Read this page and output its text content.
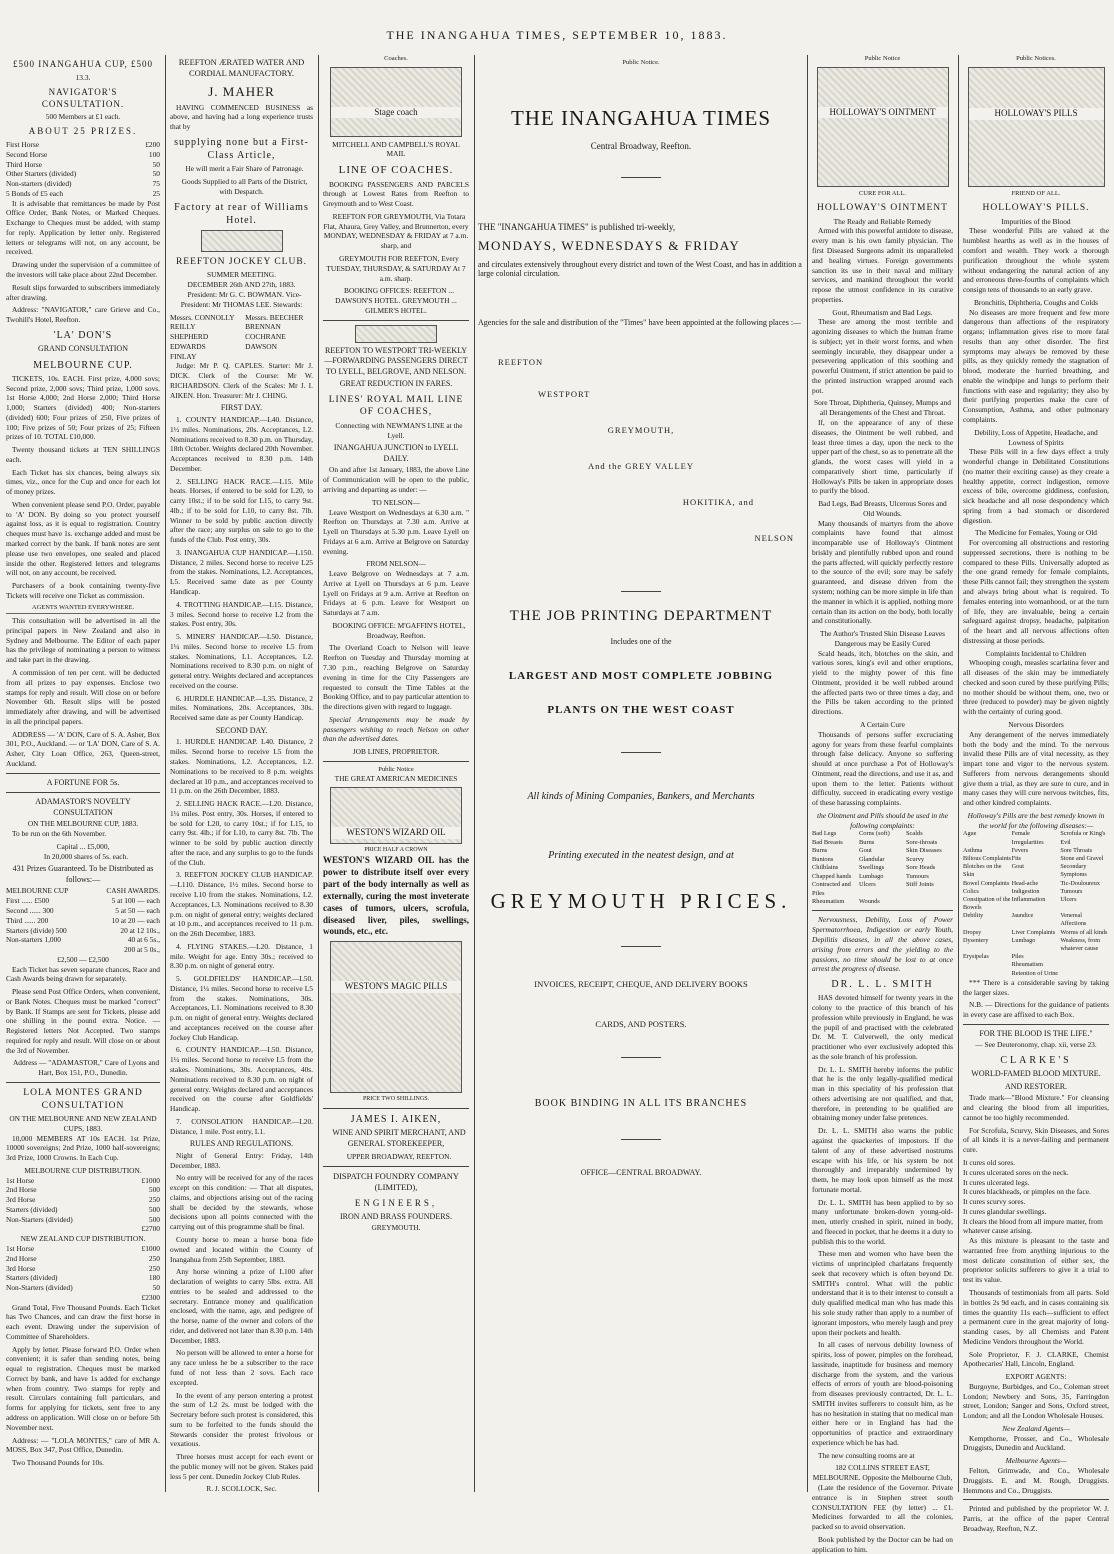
THE INANGAHUA TIMES, SEPTEMBER 10, 1883.
£500 INANGAHUA CUP, £500
13.3.
NAVIGATOR'S CONSULTATION.
500 Members at £1 each.
ABOUT 25 PRIZES.
First Horse	£200
Second Horse	100
Third Horse	50
Other Starters (divided)	50
Non-starters (divided)	75
5 Bonds of £5 each	25

It is advisable that remittances be made by Post Office Order, Bank Notes, or Marked Cheques. Exchange to Cheques must be added, with stamp for reply. Application by letter only. Registered letters or telegrams will not, on any account, be received.

Drawing under the supervision of a committee of the investors will take place about 22nd December.

Result slips forwarded to subscribers immediately after drawing.

Address: "NAVIGATOR," care Grieve and Co., Twohill's Hotel, Reefton.

'LA' DON'S
GRAND CONSULTATION
MELBOURNE CUP.

TICKETS, 10s. EACH. First prize, 4,000 sovs; Second prize, 2,000 sovs; Third prize, 1,000 sovs. 1st Horse 4,000; 2nd Horse 2,000; Third Horse 1,000; Starters (divided) 400; Non-starters (divided) 600; Four prizes of 250, Five prizes of 100; Five prizes of 50; Four prizes of 25; Fifteen prizes of 10. TOTAL £10,000.

Twenty thousand tickets at TEN SHILLINGS each.

Each Ticket has six chances, being always six times, viz., once for the Cup and once for each lot of money prizes.

When convenient please send P.O. Order, payable to 'A' DON. By doing so you protect yourself against loss, as it is equal to registration. Country cheques must have 1s. exchange added and must be marked correct by the bank. If bank notes are sent please use two envelopes, one sealed and placed inside the other. Registered letters and telegrams will not, on any account, be received.

Purchasers of a book containing twenty-five Tickets will receive one Ticket as commission.

AGENTS WANTED EVERYWHERE.

This consultation will be advertised in all the principal papers in New Zealand and also in Sydney and Melbourne. The Editor of each paper has the privilege of nominating a person to witness and take part in the drawing.

A commission of ten per cent. will be deducted from all prizes to pay expenses. Enclose two stamps for reply and result. Will close on or before November 6th. Result slips will be posted immediately after drawing, and will be advertised in all the principal papers.

ADDRESS — 'A' DON, Care of S. A. Asher, Box 301, P.O., Auckland. — or 'LA' DON, Care of S. A. Asher, City Loan Office, 263, Queen-street, Auckland.

A FORTUNE FOR 5s.
ADAMASTOR'S NOVELTY CONSULTATION
ON THE MELBOURNE CUP, 1883.

To be run on the 6th November.

Capital ... £5,000,

In 20,000 shares of 5s. each.

431 Prizes Guaranteed. To be Distributed as follows:—
MELBOURNE CUP	CASH AWARDS.
First ...... £500	5 at 100 — each
Second ...... 300	5 at 50 — each
Third ...... 200	10 at 20 — each
Starters (divide) 500	20 at 12 10s.,
Non-starters 1,000	40 at 6 5s.,
	200 at 5 0s.,
£2,500 — £2,500

Each Ticket has seven separate chances, Race and Cash Awards being drawn for separately.

Please send Post Office Orders, when convenient, or Bank Notes. Cheques must be marked "correct" by Bank. If Stamps are sent for Tickets, please add one shilling in the pound extra. Notice. — Registered letters Not Accepted. Two stamps required for reply and result. Will close on or about the 3rd of November.

Address — "ADAMASTOR," Care of Lyons and Hart, Box 151, P.O., Dunedin.

LOLA MONTES GRAND CONSULTATION
ON THE MELBOURNE AND NEW ZEALAND CUPS, 1883.

10,000 MEMBERS AT 10s EACH. 1st Prize, 10000 sovereigns; 2nd Prize, 1000 half-sovereigns; 3rd Prize, 1000 Crowns. In Each Cup.

MELBOURNE CUP DISTRIBUTION.
1st Horse	£1000
2nd Horse	500
3rd Horse	250
Starters (divided)	500
Non-Starters (divided)	500
	£2700
NEW ZEALAND CUP DISTRIBUTION.
1st Horse	£1000
2nd Horse	250
3rd Horse	250
Starters (divided)	180
Non-Starters (divided)	50
	£2300

Grand Total, Five Thousand Pounds. Each Ticket has Two Chances, and can draw the first horse in each event. Drawing under the supervision of Committee of Shareholders.

Apply by letter. Please forward P.O. Order when convenient; it is safer than sending notes, being equal to registration. Cheques must be marked Correct by bank, and have 1s added for exchange when from country. Two stamps for reply and result. Circulars containing full particulars, and forms for applying for tickets, sent free to any address on application. Will close on or before 5th November next.

Address: — "LOLA MONTES," care of MR A. MOSS, Box 347, Post Office, Dunedin.

Two Thousand Pounds for 10s.

REEFTON ÆRATED WATER AND CORDIAL MANUFACTORY.
J. MAHER

HAVING COMMENCED BUSINESS as above, and having had a long experience trusts that by

supplying none but a First-Class Article,

He will merit a Fair Share of Patronage.

Goods Supplied to all Parts of the District, with Despatch.

Factory at rear of Williams Hotel.
REEFTON JOCKEY CLUB.
SUMMER MEETING.
DECEMBER 26th AND 27th, 1883.

President: Mr G. C. BOWMAN. Vice-President: Mr THOMAS LEE. Stewards:

Messrs. CONNOLLY	Messrs. BEECHER
REILLY	BRENNAN
SHEPHERD	COCHRANE
EDWARDS	DAWSON
FINLAY	

Judge: Mr P. Q. CAPLES. Starter: Mr J. DICK. Clerk of the Course: Mr W. RICHARDSON. Clerk of the Scales: Mr J. I. AIKEN. Hon. Treasurer: Mr J. CHING.

FIRST DAY.

1. COUNTY HANDICAP.—L40. Distance, 1½ miles. Nominations, 20s. Acceptances, L2. Nominations received to 8.30 p.m. on Thursday, 18th October. Weights declared 20th November. Acceptances received to 8.30 p.m. 14th December.

2. SELLING HACK RACE.—L15. Mile heats. Horses, if entered to be sold for L20, to carry 10st.; if to be sold for L15, to carry 9st. 4lb.; if to be sold for L10, to carry 8st. 7lb. Winner to be sold by public auction directly after the race; any surplus on sale to go to the funds of the Club. Post entry, 30s.

3. INANGAHUA CUP HANDICAP.—L150. Distance, 2 miles. Second horse to receive L25 from the stakes. Nominations, L2. Acceptances, L5. Received same date as per County Handicap.

4. TROTTING HANDICAP.—L15. Distance, 3 miles. Second horse to receive L2 from the stakes. Post entry, 30s.

5. MINERS' HANDICAP.—L50. Distance, 1¼ miles. Second horse to receive L5 from stakes. Nominations, L1. Acceptances, L2. Nominations received to 8.30 p.m. on night of general entry. Weights declared and acceptances received on the course.

6. HURDLE HANDICAP.—L35. Distance, 2 miles. Nominations, 20s. Acceptances, 30s. Received same date as per County Handicap.

SECOND DAY.

1. HURDLE HANDICAP. L40. Distance, 2 miles. Second horse to receive L5 from the stakes. Nominations, L2. Acceptances, L2. Nominations to be received to 8 p.m. weights declared at 10 p.m., and acceptances received to 11 p.m. on the 26th December, 1883.

2. SELLING HACK RACE.—L20. Distance, 1¼ miles. Post entry, 30s. Horses, if entered to be sold for L20, to carry 10st.; if for L15, to carry 9st. 4lb.; if for L10, to carry 8st. 7lb. The winner to be sold by public auction directly after the race, and any surplus to go to the funds of the Club.

3. REEFTON JOCKEY CLUB HANDICAP.—L110. Distance, 1½ miles. Second horse to receive L10 from the stakes. Nominations, L2. Acceptances, L3. Nominations received to 8.30 p.m. on night of general entry; weights declared at 10 p.m., and acceptances received to 11 p.m. on the 26th December, 1883.

4. FLYING STAKES.—L20. Distance, 1 mile. Weight for age. Entry 30s.; received to 8.30 p.m. on night of general entry.

5. GOLDFIELDS' HANDICAP.—L50. Distance, 1¼ miles. Second horse to receive L5 from the stakes. Nominations, 30s. Acceptances, L1. Nominations received to 8.30 p.m. on night of general entry. Weights declared and acceptances received on the course after Jockey Club Handicap.

6. COUNTY HANDICAP.—L50. Distance, 1¼ miles. Second horse to receive L5 from the stakes. Nominations, 30s. Acceptances, 40s. Nominations received to 8.30 p.m. on night of general entry. Weights declared and acceptances received on the course after Goldfields' Handicap.

7. CONSOLATION HANDICAP.—L20. Distance, 1 mile. Post entry, L1.

RULES AND REGULATIONS.

Night of General Entry: Friday, 14th December, 1883.

No entry will be received for any of the races except on this condition: — That all disputes, claims, and objections arising out of the racing shall be decided by the stewards, whose decisions upon all points connected with the carrying out of this programme shall be final.

County horse to mean a horse bona fide owned and located within the County of Inangahua from 25th September, 1883.

Any horse winning a prize of L100 after declaration of weights to carry 5lbs. extra. All entries to be sealed and addressed to the secretary. Entrance money and qualification enclosed, with the name, age, and pedigree of the horse, name of the owner and colors of the rider, and delivered not later than 8.30 p.m. 14th December, 1883.

No person will be allowed to enter a horse for any race unless he be a subscriber to the race fund of not less than 2 sovs. Each race excepted.

In the event of any person entering a protest the sum of L2 2s. must be lodged with the Secretary before such protest is considered, this sum to be forfeited to the funds should the Stewards consider the protest frivolous or vexatious.

Three horses must accept for each event or the public money will not be given. Stakes paid less 5 per cent. Dunedin Jockey Club Rules.

R. J. SCOLLOCK, Sec.
Coaches.
Stage coach
MITCHELL AND CAMPBELL'S ROYAL MAIL
LINE OF COACHES.

BOOKING PASSENGERS AND PARCELS through at Lowest Rates from Reefton to Greymouth and to West Coast.

REEFTON FOR GREYMOUTH, Via Totara Flat, Ahaura, Grey Valley, and Brunnerton, every MONDAY, WEDNESDAY & FRIDAY at 7 a.m. sharp, and

GREYMOUTH FOR REEFTON, Every TUESDAY, THURSDAY, & SATURDAY At 7 a.m. sharp.

BOOKING OFFICES: REEFTON ... DAWSON'S HOTEL. GREYMOUTH ... GILMER'S HOTEL.

REEFTON TO WESTPORT TRI-WEEKLY—FORWARDING PASSENGERS DIRECT TO LYELL, BELGROVE, AND NELSON.
GREAT REDUCTION IN FARES.
LINES' ROYAL MAIL LINE OF COACHES,

Connecting with NEWMAN'S LINE at the Lyell.

INANGAHUA JUNCTION to LYELL DAILY.

On and after 1st January, 1883, the above Line of Communication will be open to the public, arriving and departing as under: —

TO NELSON—

Leave Westport on Wednesdays at 6.30 a.m. " Reefton on Thursdays at 7.30 a.m. Arrive at Lyell on Thursdays at 5.30 p.m. Leave Lyell on Fridays at 6 a.m. Arrive at Belgrove on Saturday evening.

FROM NELSON—

Leave Belgrove on Wednesdays at 7 a.m. Arrive at Lyell on Thursdays at 6 p.m. Leave Lyell on Fridays at 9 a.m. Arrive at Reefton on Fridays at 6 p.m. Leave for Westport on Saturdays at 7 a.m.

BOOKING OFFICE: M'GAFFIN'S HOTEL, Broadway, Reefton.

The Overland Coach to Nelson will leave Reefton on Tuesday and Thursday morning at 7.30 p.m., reaching Belgrove on Saturday evening in time for the City Passengers are requested to consult the Time Tables at the Booking Office, and to pay particular attention to the directions given with regard to luggage.

Special Arrangements may be made by passengers wishing to reach Nelson on other than the advertised dates.

JOB LINES, PROPRIETOR.
Public Notice
THE GREAT AMERICAN MEDICINES
WESTON'S WIZARD OIL
PRICE HALF A CROWN

WESTON'S WIZARD OIL has the power to distribute itself over every part of the body internally as well as externally, curing the most inveterate cases of tumors, ulcers, scrofula, diseased liver, piles, swellings, wounds, etc., etc.

WESTON'S MAGIC PILLS
PRICE TWO SHILLINGS.
JAMES I. AIKEN,

WINE AND SPIRIT MERCHANT, AND GENERAL STOREKEEPER,

UPPER BROADWAY, REEFTON.

DISPATCH FOUNDRY COMPANY (LIMITED),
ENGINEERS,
IRON AND BRASS FOUNDERS.
GREYMOUTH.
Public Notice.
THE INANGAHUA TIMES
Central Broadway, Reefton.
THE "INANGAHUA TIMES" is published tri-weekly,
MONDAYS, WEDNESDAYS & FRIDAY
and circulates extensively throughout every district and town of the West Coast, and has in addition a large colonial circulation.
Agencies for the sale and distribution of the "Times" have been appointed at the following places :—
REEFTON
WESTPORT
GREYMOUTH,
And the GREY VALLEY
HOKITIKA, and
NELSON
THE JOB PRINTING DEPARTMENT
Includes one of the
LARGEST AND MOST COMPLETE JOBBING
PLANTS ON THE WEST COAST
All kinds of Mining Companies, Bankers, and Merchants
Printing executed in the neatest design, and at
GREYMOUTH PRICES.
INVOICES, RECEIPT, CHEQUE, AND DELIVERY BOOKS
CARDS, AND POSTERS.
BOOK BINDING IN ALL ITS BRANCHES
OFFICE—CENTRAL BROADWAY.
Public Notice
HOLLOWAY'S OINTMENT
CURE FOR ALL.
HOLLOWAY'S OINTMENT
The Ready and Reliable Remedy

Armed with this powerful antidote to disease, every man is his own family physician. The first Diseased Surgeons admit its unparalleled and healing virtues. Foreign governments sanction its use in their naval and military services, and mankind throughout the world repose the utmost confidence in its curative properties.

Gout, Rheumatism and Bad Legs.

These are among the most terrible and agonizing diseases to which the human frame is subject; yet in their worst forms, and when seemingly incurable, they disappear under a persevering application of this soothing and powerful Ointment, if strict attention be paid to the printed instruction wrapped around each pot.

Sore Throat, Diphtheria, Quinsey, Mumps and all Derangements of the Chest and Throat.

If, on the appearance of any of these diseases, the Ointment be well rubbed, and least three times a day, upon the neck to the upper part of the chest, so as to penetrate all the glands, the worst cases will yield in a comparatively short time, particularly if Holloway's Pills be taken in appropriate doses to purify the blood.

Bad Legs, Bad Breasts, Ulcerous Sores and Old Wounds.

Many thousands of martyrs from the above complaints have found that almost incomparable use of Holloway's Ointment briskly and plentifully rubbed upon and round the parts affected, will quickly perfectly restore to the source of the evil; sore may be safely guaranteed, and disease driven from the system; nothing can be more simple in life than the manner in which it is applied, nothing more certain than its action on the body, both locally and constitutionally.

The Author's Trusted Skin Disease Leaves Dangerous may be Easily Cured

Scald heads, itch, blotches on the skin, and various sores, king's evil and other eruptions, yield to the mighty power of this fine Ointment, provided it be well rubbed around the affected parts two or three times a day, and the Pills be taken according to the printed directions.

A Certain Cure

Thousands of persons suffer excruciating agony for years from these fearful complaints through false delicacy. Anyone so suffering should at once purchase a Pot of Holloway's Ointment, read the directions, and use it as, and upon them to the letter. Patients without difficulty, succeed in eradicating every vestige of these harassing complaints.

the Ointment and Pills should be used in the following complaints:
Bad Legs	Corns (soft)	Scalds
Bad Breasts	Burns	Sore-throats
Burns	Gout	Skin Diseases
Bunions	Glandular	Scurvy
Chilblains	Swellings	Sore Heads
Chapped hands	Lumbago	Tumours
Contracted and Piles
Ulcers	Stiff Joints
Rheumatism	Wounds

Nervousness, Debility, Loss of Power Spermatorrhoea, Indigestion or early Youth, Depilitis diseases, in all the above cases, arising from errors and the yielding to the passions, no time should be lost to at once arrest the progress of disease.

DR. L. L. SMITH

HAS devoted himself for twenty years in the colony to the practice of this branch of his profession while previously in England, he was the pupil of and practised with the celebrated Dr. M. T. Culverwell, the only medical practitioner who ever exclusively adopted this as the sole branch of his profession.

Dr. L. L. SMITH hereby informs the public that he is the only legally-qualified medical man in this speciality of his profession that others advertising are not qualified, and that, therefore, in pretending to be qualified are obtaining money under false pretences.

Dr. L. L. SMITH also warns the public against the quackeries of impostors. If the talent of any of these advertised nostrums escape with his life, or his system be not thoroughly and irreparably undermined by them, he may look upon himself as the most fortunate mortal.

Dr. L. L. SMITH has been applied to by so many unfortunate broken-down young-old-men, utterly crushed in spirit, ruined in body, and fleeced in pocket, that he deems it a duty to publish this to the world.

These men and women who have been the victims of unprincipled charlatans frequently seek that recovery which is often beyond Dr. SMITH's control. What will the public understand that it is to their interest to consult a duly qualified medical man who has made this his sole study rather than apply to a number of ignorant impostors, who merely laugh and prey upon their pockets and health.

In all cases of nervous debility lowness of spirits, loss of power, pimples on the forehead, lassitude, inaptitude for business and memory discharge from the system, and the various effects of errors of youth are blood-poisoning from diseases previously contracted, Dr. L. L. SMITH invites sufferers to consult him, as he has no hesitation in stating that no medical man either here or in England has had the opportunities of practice and extraordinary experience which he has had.

The new consulting rooms are at

182 COLLINS STREET EAST, MELBOURNE. Opposite the Melbourne Club,

(Late the residence of the Governor. Private entrance is in Stephen street south CONSULTATION FEE (by letter) ... £1. Medicines forwarded to all the colonies, packed so to avoid observation.

Book published by the Doctor can be had on application to him.

Public Notices.
HOLLOWAY'S PILLS
FRIEND OF ALL.
HOLLOWAY'S PILLS.
Impurities of the Blood

These wonderful Pills are valued at the humblest hearths as well as in the houses of comfort and wealth. They work a thorough purification throughout the whole system without endangering the natural action of any and erroneous three-fourths of complaints which consign tens of thousands to an early grave.

Bronchitis, Diphtheria, Coughs and Colds

No diseases are more frequent and few more dangerous than affections of the respiratory organs; inflammation gives rise to more fatal results than any other disorder. The first symptoms may always be removed by these pills, as they quickly remedy the stagnation of blood, moderate the hurried breathing, and enable the windpipe and lungs to perform their functions with ease and regularity; they also by their purifying properties make the cure of Consumption, Asthma, and other pulmonary complaints.

Debility, Loss of Appetite, Headache, and Lowness of Spirits

These Pills will in a few days effect a truly wonderful change in Debilitated Constitutions (no matter their exciting cause) as they create a healthy appetite, correct indigestion, remove excess of bile, overcome giddiness, confusion, sick headache and all nose despondency which spring from a bad stomach or disordered digestion.

The Medicine for Females, Young or Old

For overcoming all obstructions and restoring suppressed secretions, there is nothing to be compared to these Pills. Universally adopted as the one grand remedy for female complaints, these Pills cannot fail; they strengthen the system and always bring about what is required. To females entering into womanhood, or at the turn of life, they are invaluable, being a certain safeguard against dropsy, headache, palpitation of the heart and all nervous affections often distressing at those periods.

Complaints Incidental to Children

Whooping cough, measles scarlatina fever and all diseases of the skin may be immediately checked and soon cured by these purifying Pills; no mother should be without them, one, two or three (reduced to powder) may be given nightly with the certainty of curing good.

Nervous Disorders

Any derangement of the nerves immediately both the body and the mind. To the nervous invalid these Pills are of vital necessity, as they impart tone and vigor to the nervous system. Sufferers from nervous derangements should give them a trial, as they are sure to cure, and in many cases they will cure nervous twitches, fits, and other kindred complaints.

Holloway's Pills are the best remedy known in the world for the following diseases:—
Ague	Female Irregularities
Scrofula or King's Evil
Asthma	Fevers	Sore Throats
Bilious Complaints Fits	Stone and Gravel
Blotches on the Skin
Gout	Secondary Symptoms
Bowel Complaints Head-ache	Tic-Douloureux
Colics	Indigestion	Tumours
Constipation of the Bowels
Inflammation	Ulcers
Debility	Jaundice	Venereal Affections
Dropsy	Liver Complaints Worms of all kinds
Dysentery	Lumbago	Weakness, from whatever cause
Erysipelas	Piles
Rheumatism
Retention of Urine

*** There is a considerable saving by taking the larger sizes.

N.B. — Directions for the guidance of patients in every case are affixed to each Box.

FOR THE BLOOD IS THE LIFE."
— See Deuteronomy, chap. xii, verse 23.
CLARKE'S
WORLD-FAMED BLOOD MIXTURE.
AND RESTORER.

Trade mark—"Blood Mixture." For cleansing and clearing the blood from all impurities, cannot be too highly recommended.

For Scrofula, Scurvy, Skin Diseases, and Sores of all kinds it is a never-failing and permanent cure.

It cures old sores.
It cures ulcerated sores on the neck.
It cures ulcerated legs.
It cures blackheads, or pimples on the face.
It cures scurvy sores.
It cures glandular swellings.
It clears the blood from all impure matter, from whatever cause arising.

As this mixture is pleasant to the taste and warranted free from anything injurious to the most delicate constitution of either sex, the proprietor solicits sufferers to give it a trial to test its value.

Thousands of testimonials from all parts. Sold in bottles 2s 9d each, and in cases containing six times the quantity 11s each—sufficient to effect a permanent cure in the great majority of long-standing cases, by all Chemists and Patent Medicine Vendors throughout the World.

Sole Proprietor, F. J. CLARKE, Chemist Apothecaries' Hall, Lincoln, England.

EXPORT AGENTS:

Burgoyne, Burbidges, and Co., Coleman street London; Newbery and Sons, 35, Farringdon street, London; Sanger and Sons, Oxford street, London; and all the London Wholesale Houses.

New Zealand Agents—

Kempthorne, Prosser, and Co., Wholesale Druggists, Dunedin and Auckland.

Melbourne Agents—

Felton, Grimwade, and Co., Wholesale Druggists. E. and M. Rough, Druggists. Hemmons and Co., Druggists.

Printed and published by the proprietor W. J. Parris, at the office of the paper Central Broadway, Reefton, N.Z.
